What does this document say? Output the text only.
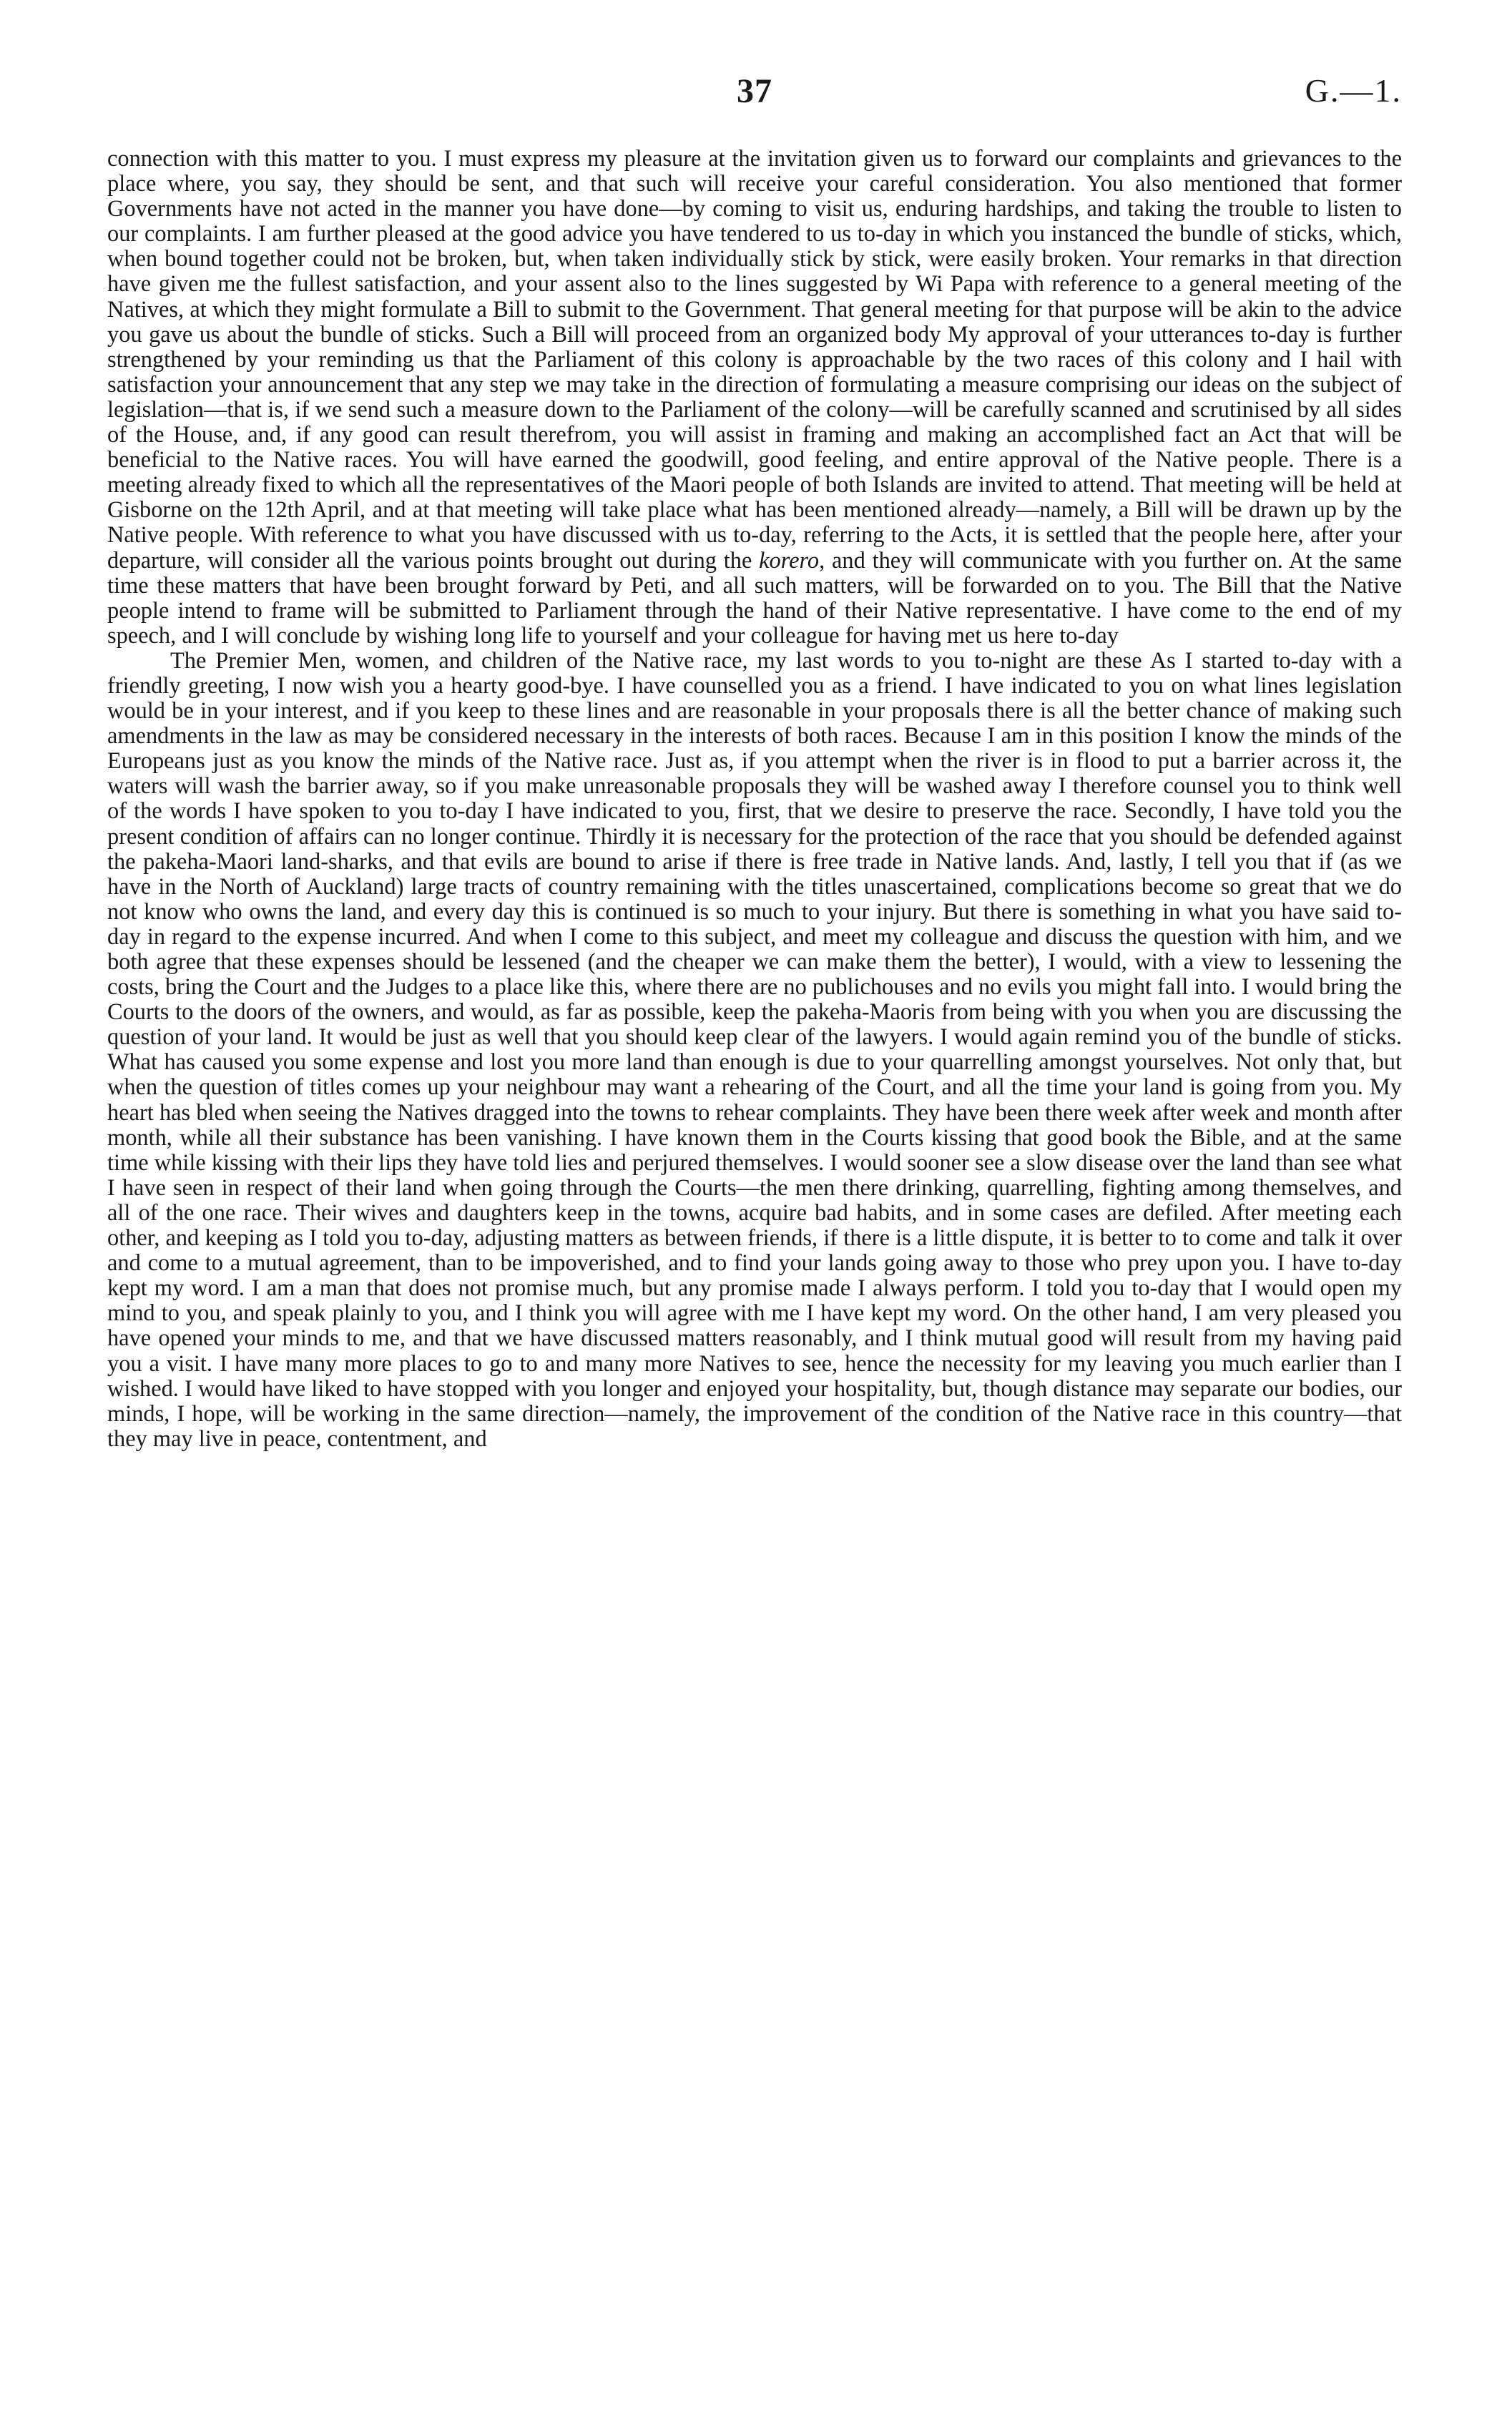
37	G.—1.

connection with this matter to you. I must express my pleasure at the invitation given us to forward our complaints and grievances to the place where, you say, they should be sent, and that such will receive your careful consideration. You also mentioned that former Governments have not acted in the manner you have done—by coming to visit us, enduring hardships, and taking the trouble to listen to our complaints. I am further pleased at the good advice you have tendered to us to-day in which you instanced the bundle of sticks, which, when bound together could not be broken, but, when taken individually stick by stick, were easily broken. Your remarks in that direction have given me the fullest satisfaction, and your assent also to the lines suggested by Wi Papa with reference to a general meeting of the Natives, at which they might formulate a Bill to submit to the Government. That general meeting for that purpose will be akin to the advice you gave us about the bundle of sticks. Such a Bill will proceed from an organized body My approval of your utterances to-day is further strengthened by your reminding us that the Parliament of this colony is approachable by the two races of this colony and I hail with satisfaction your announcement that any step we may take in the direction of formulating a measure comprising our ideas on the subject of legislation—that is, if we send such a measure down to the Parliament of the colony—will be carefully scanned and scrutinised by all sides of the House, and, if any good can result therefrom, you will assist in framing and making an accomplished fact an Act that will be beneficial to the Native races. You will have earned the goodwill, good feeling, and entire approval of the Native people. There is a meeting already fixed to which all the representatives of the Maori people of both Islands are invited to attend. That meeting will be held at Gisborne on the 12th April, and at that meeting will take place what has been mentioned already—namely, a Bill will be drawn up by the Native people. With reference to what you have discussed with us to-day, referring to the Acts, it is settled that the people here, after your departure, will consider all the various points brought out during the korero, and they will communicate with you further on. At the same time these matters that have been brought forward by Peti, and all such matters, will be forwarded on to you. The Bill that the Native people intend to frame will be submitted to Parliament through the hand of their Native representative. I have come to the end of my speech, and I will conclude by wishing long life to yourself and your colleague for having met us here to-day

The Premier Men, women, and children of the Native race, my last words to you to-night are these As I started to-day with a friendly greeting, I now wish you a hearty good-bye. I have counselled you as a friend. I have indicated to you on what lines legislation would be in your interest, and if you keep to these lines and are reasonable in your proposals there is all the better chance of making such amendments in the law as may be considered necessary in the interests of both races. Because I am in this position I know the minds of the Europeans just as you know the minds of the Native race. Just as, if you attempt when the river is in flood to put a barrier across it, the waters will wash the barrier away, so if you make unreasonable proposals they will be washed away I therefore counsel you to think well of the words I have spoken to you to-day I have indicated to you, first, that we desire to preserve the race. Secondly, I have told you the present condition of affairs can no longer continue. Thirdly it is necessary for the protection of the race that you should be defended against the pakeha-Maori land-sharks, and that evils are bound to arise if there is free trade in Native lands. And, lastly, I tell you that if (as we have in the North of Auckland) large tracts of country remaining with the titles unascertained, complications become so great that we do not know who owns the land, and every day this is continued is so much to your injury. But there is something in what you have said to-day in regard to the expense incurred. And when I come to this subject, and meet my colleague and discuss the question with him, and we both agree that these expenses should be lessened (and the cheaper we can make them the better), I would, with a view to lessening the costs, bring the Court and the Judges to a place like this, where there are no publichouses and no evils you might fall into. I would bring the Courts to the doors of the owners, and would, as far as possible, keep the pakeha-Maoris from being with you when you are discussing the question of your land. It would be just as well that you should keep clear of the lawyers. I would again remind you of the bundle of sticks. What has caused you some expense and lost you more land than enough is due to your quarrelling amongst yourselves. Not only that, but when the question of titles comes up your neighbour may want a rehearing of the Court, and all the time your land is going from you. My heart has bled when seeing the Natives dragged into the towns to rehear complaints. They have been there week after week and month after month, while all their substance has been vanishing. I have known them in the Courts kissing that good book the Bible, and at the same time while kissing with their lips they have told lies and perjured themselves. I would sooner see a slow disease over the land than see what I have seen in respect of their land when going through the Courts—the men there drinking, quarrelling, fighting among themselves, and all of the one race. Their wives and daughters keep in the towns, acquire bad habits, and in some cases are defiled. After meeting each other, and keeping as I told you to-day, adjusting matters as between friends, if there is a little dispute, it is better to to come and talk it over and come to a mutual agreement, than to be impoverished, and to find your lands going away to those who prey upon you. I have to-day kept my word. I am a man that does not promise much, but any promise made I always perform. I told you to-day that I would open my mind to you, and speak plainly to you, and I think you will agree with me I have kept my word. On the other hand, I am very pleased you have opened your minds to me, and that we have discussed matters reasonably, and I think mutual good will result from my having paid you a visit. I have many more places to go to and many more Natives to see, hence the necessity for my leaving you much earlier than I wished. I would have liked to have stopped with you longer and enjoyed your hospitality, but, though distance may separate our bodies, our minds, I hope, will be working in the same direction—namely, the improvement of the condition of the Native race in this country—that they may live in peace, contentment, and
